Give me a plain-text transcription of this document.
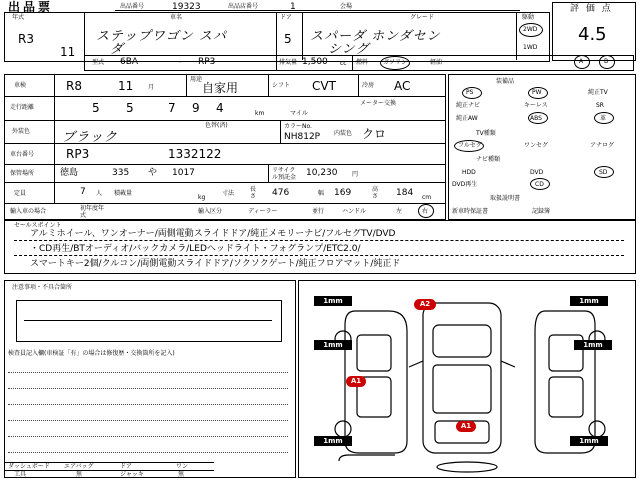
出品票	出品番号	19323	出品店番号	1	会場	評 価 点
4.5
年式
R3
11
車名
ステップワゴン スパ
ダ
ドア
5
グレード
スパーダ ホンダセン
シング
駆動
2WD
1WD
型式 6BA	- RP3	排気量 1,500 cc 燃料 ガソリン	軽油	A	B
車検	R8	11 月
用途
自家用	シフト CVT	冷房 AC
走行距離	5 5	7 9 4	km	マイル
メーター交換
外装色 ブラック
色替(済)	カラーNo.
NH812P 内装色 クロ
車台番号	RP3	1332122
保管場所	徳島	335 や 1017	リサイクル預託金	10,230 円
定員	7 人 積載量
kg
寸法
長さ	476	幅 169	高さ	184 cm
輸入車の場合	初年度年式
輸入区分	ディーラー	並行	ハンドル	左	右
装備品
PS	PW	純正TV
純正ナビ	キーレス	SR
純正AW	ABS	革
TV種類
フルセグ	ワンセグ	アナログ
ナビ種類
HDD	DVD	SD
DVD再生	CD
取扱説明書
新車時保証書	記録簿
セールスポイント
アルミホイール、ワンオーナー/両側電動スライドドア/純正メモリーナビ/フルセグTV/DVD
・CD再生/BTオーディオ/バックカメラ/LEDヘッドライト・フォグランプ/ETC2.0/
スマートキー2個/クルコン/両側電動スライドドア/ソクソクゲート/純正フロアマット/純正ド
注意事項・不具合箇所
検査員記入欄(車検証「有」の場合は修復歴・交換箇所を記入)
ダッシュボード エアバッグ	ドア	ワン
工具	無	ジャッキ	無
1mm	1mm
1mm	1mm
1mm	1mm
A2
A1
A1
